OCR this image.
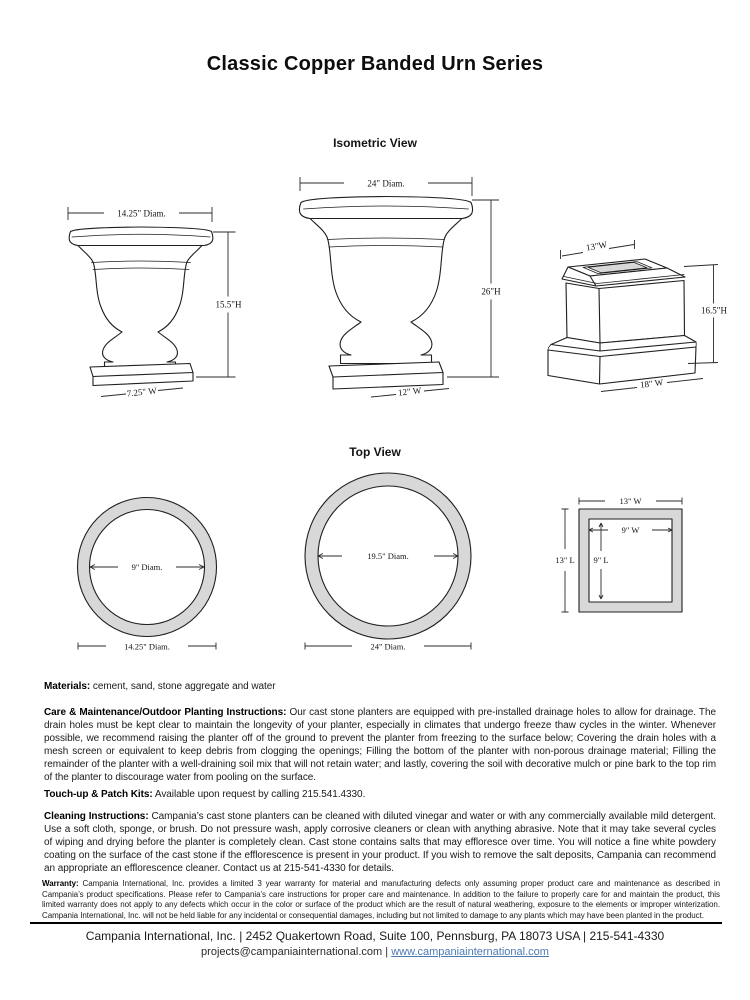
Classic Copper Banded Urn Series
Isometric View
14.25" Diam.
15.5"H
7.25" W
24" Diam.
26"H
12" W
13"W
16.5"H
18" W
Top View
9" Diam.
14.25" Diam.
19.5" Diam.
24" Diam.
13" W
13" L
9" W
9" L

Materials: cement, sand, stone aggregate and water

Care & Maintenance/Outdoor Planting Instructions: Our cast stone planters are equipped with pre-installed drainage holes to allow for drainage. The drain holes must be kept clear to maintain the longevity of your planter, especially in climates that undergo freeze thaw cycles in the winter. Whenever possible, we recommend raising the planter off of the ground to prevent the planter from freezing to the surface below; Covering the drain holes with a mesh screen or equivalent to keep debris from clogging the openings; Filling the bottom of the planter with non-porous drainage material; Filling the remainder of the planter with a well-draining soil mix that will not retain water; and lastly, covering the soil with decorative mulch or pine bark to the top rim of the planter to discourage water from pooling on the surface.

Touch-up & Patch Kits: Available upon request by calling 215.541.4330.

Cleaning Instructions: Campania’s cast stone planters can be cleaned with diluted vinegar and water or with any commercially available mild detergent. Use a soft cloth, sponge, or brush. Do not pressure wash, apply corrosive cleaners or clean with anything abrasive. Note that it may take several cycles of wiping and drying before the planter is completely clean. Cast stone contains salts that may effloresce over time. You will notice a fine white powdery coating on the surface of the cast stone if the efflorescence is present in your product. If you wish to remove the salt deposits, Campania can recommend an appropriate an efflorescence cleaner. Contact us at 215-541-4330 for details.

Warranty: Campania International, Inc. provides a limited 3 year warranty for material and manufacturing defects only assuming proper product care and maintenance as described in Campania’s product specifications. Please refer to Campania’s care instructions for proper care and maintenance. In addition to the failure to properly care for and maintain the product, this limited warranty does not apply to any defects which occur in the color or surface of the product which are the result of natural weathering, exposure to the elements or improper winterization. Campania International, Inc. will not be held liable for any incidental or consequential damages, including but not limited to damage to any plants which may have been planted in the product.

Campania International, Inc. | 2452 Quakertown Road, Suite 100, Pennsburg, PA 18073 USA | 215-541-4330
projects@campaniainternational.com | www.campaniainternational.com
